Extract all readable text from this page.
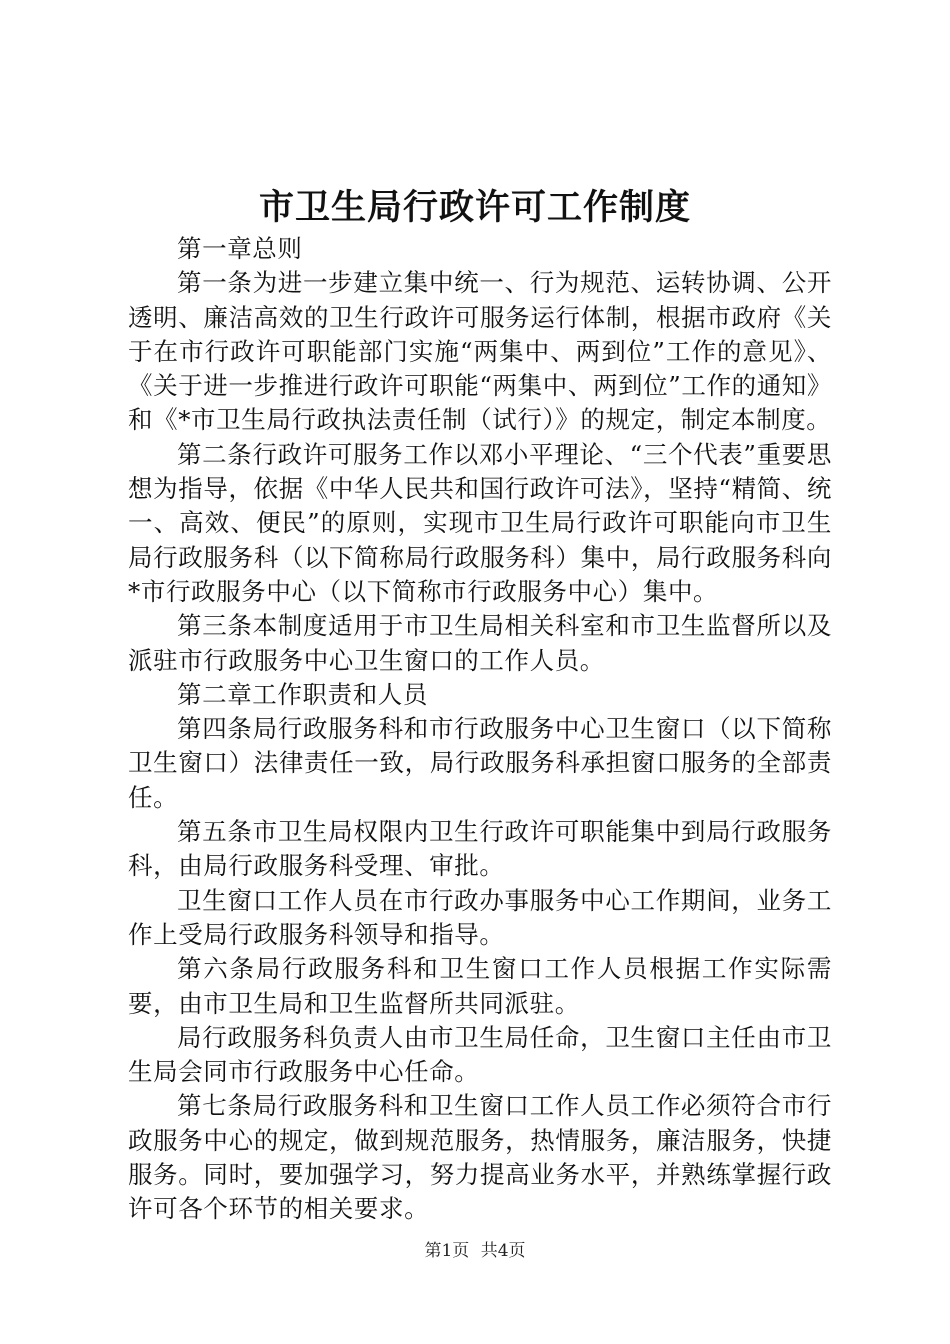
市卫生局行政许可工作制度

第一章总则

第一条为进一步建立集中统一、行为规范、运转协调、公开透明、廉洁高效的卫生行政许可服务运行体制，根据市政府《关于在市行政许可职能部门实施“两集中、两到位”工作的意见》、《关于进一步推进行政许可职能“两集中、两到位”工作的通知》和《*市卫生局行政执法责任制（试行）》的规定，制定本制度。

第二条行政许可服务工作以邓小平理论、“三个代表”重要思想为指导，依据《中华人民共和国行政许可法》，坚持“精简、统一、高效、便民”的原则，实现市卫生局行政许可职能向市卫生局行政服务科（以下简称局行政服务科）集中，局行政服务科向*市行政服务中心（以下简称市行政服务中心）集中。

第三条本制度适用于市卫生局相关科室和市卫生监督所以及派驻市行政服务中心卫生窗口的工作人员。

第二章工作职责和人员

第四条局行政服务科和市行政服务中心卫生窗口（以下简称卫生窗口）法律责任一致，局行政服务科承担窗口服务的全部责任。

第五条市卫生局权限内卫生行政许可职能集中到局行政服务科，由局行政服务科受理、审批。

卫生窗口工作人员在市行政办事服务中心工作期间，业务工作上受局行政服务科领导和指导。

第六条局行政服务科和卫生窗口工作人员根据工作实际需要，由市卫生局和卫生监督所共同派驻。

局行政服务科负责人由市卫生局任命，卫生窗口主任由市卫生局会同市行政服务中心任命。

第七条局行政服务科和卫生窗口工作人员工作必须符合市行政服务中心的规定，做到规范服务，热情服务，廉洁服务，快捷服务。同时，要加强学习，努力提高业务水平，并熟练掌握行政许可各个环节的相关要求。

第1页 共4页
